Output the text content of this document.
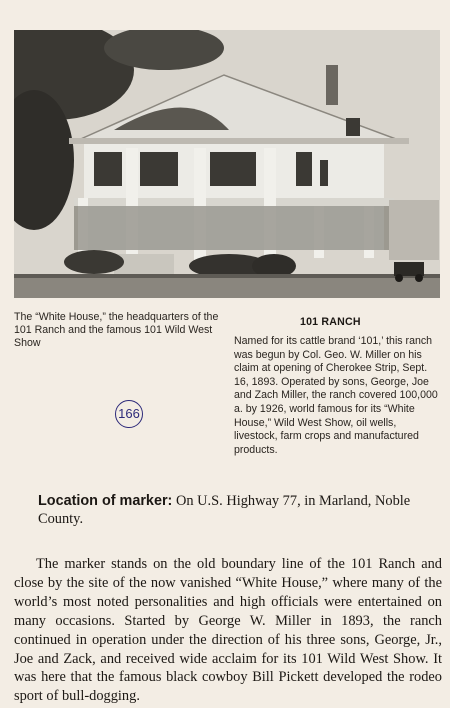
The “White House,” the headquarters of the 101 Ranch and the famous 101 Wild West Show

166
101 RANCH

Named for its cattle brand ‘101,’ this ranch was begun by Col. Geo. W. Miller on his claim at opening of Cherokee Strip, Sept. 16, 1893. Operated by sons, George, Joe and Zach Miller, the ranch covered 100,000 a. by 1926, world famous for its “White House,” Wild West Show, oil wells, livestock, farm crops and manufactured products.

Location of marker: On U.S. Highway 77, in Marland, Noble County.

The marker stands on the old boundary line of the 101 Ranch and close by the site of the now vanished “White House,” where many of the world’s most noted personalities and high officials were entertained on many occasions. Started by George W. Miller in 1893, the ranch continued in operation under the direction of his three sons, George, Jr., Joe and Zack, and received wide acclaim for its 101 Wild West Show. It was here that the famous black cowboy Bill Pickett developed the rodeo sport of bull-dogging.
